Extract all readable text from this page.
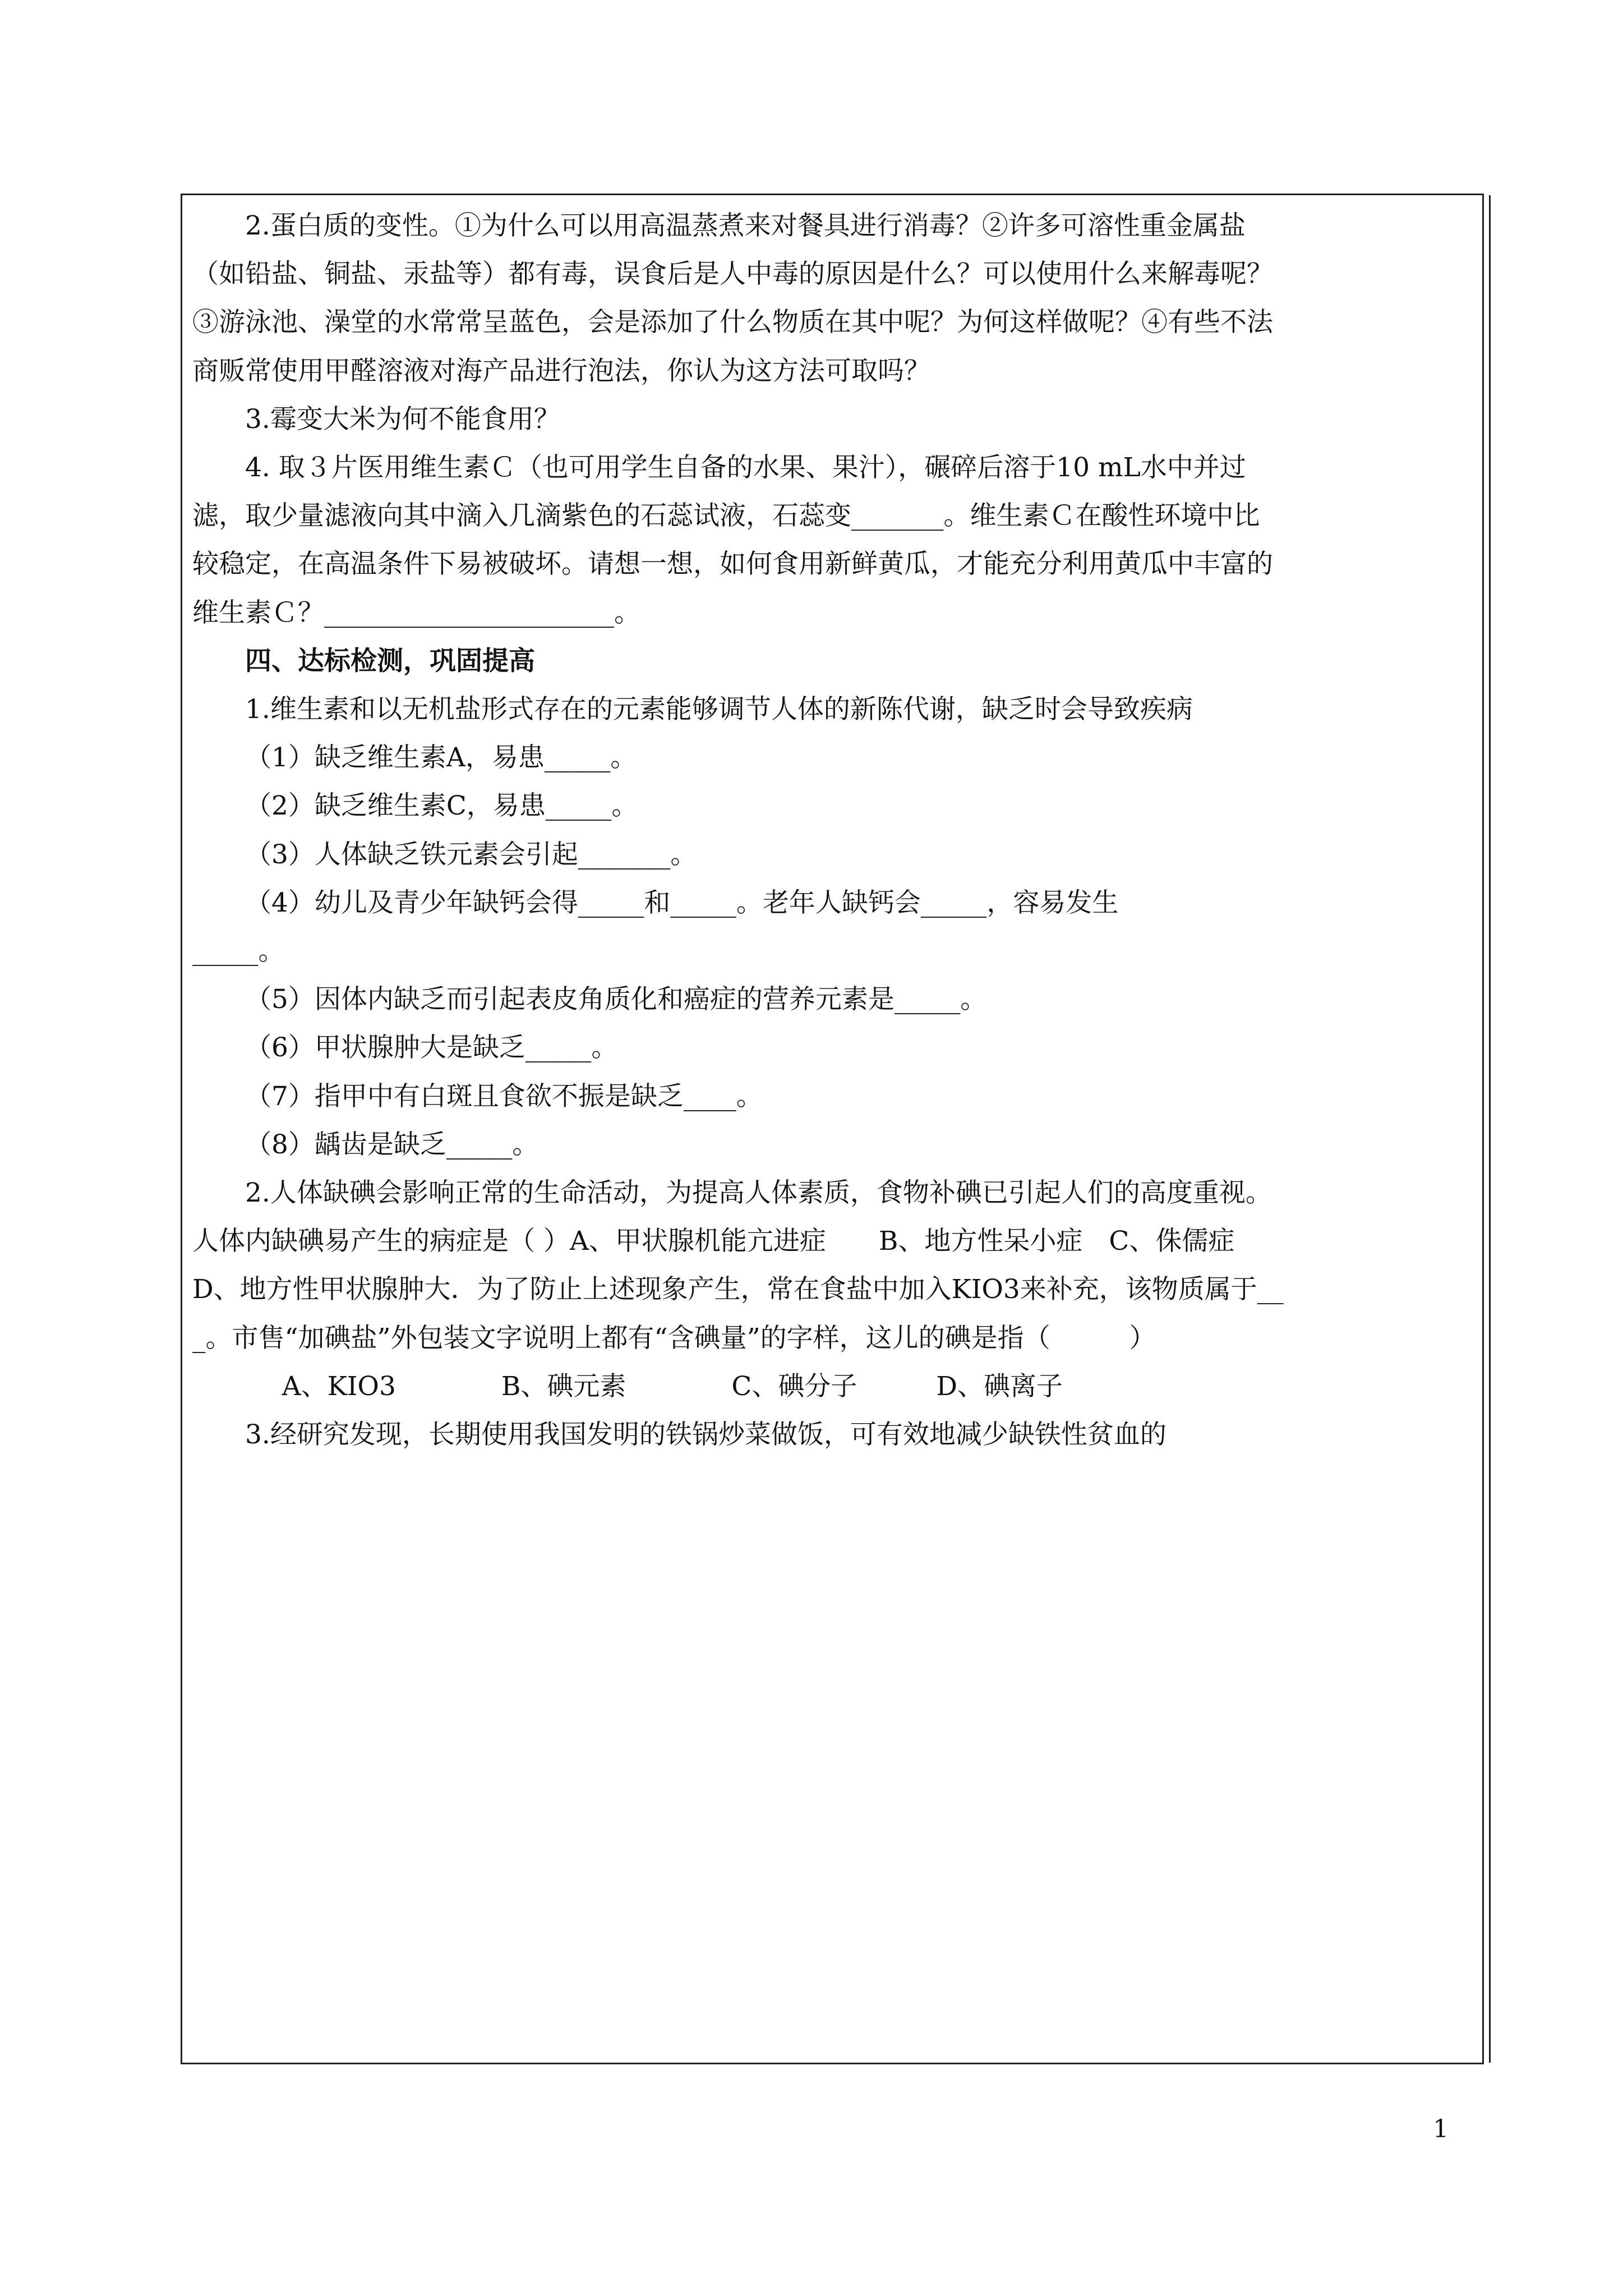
2.蛋白质的变性。①为什么可以用高温蒸煮来对餐具进行消毒？②许多可溶性重金属盐（如铅盐、铜盐、汞盐等）都有毒，误食后是人中毒的原因是什么？可以使用什么来解毒呢？③游泳池、澡堂的水常常呈蓝色，会是添加了什么物质在其中呢？为何这样做呢？④有些不法商贩常使用甲醛溶液对海产品进行泡法，你认为这方法可取吗？

3.霉变大米为何不能食用？

4. 取３片医用维生素Ｃ（也可用学生自备的水果、果汁），碾碎后溶于10 mL水中并过滤，取少量滤液向其中滴入几滴紫色的石蕊试液，石蕊变_______。维生素Ｃ在酸性环境中比较稳定，在高温条件下易被破坏。请想一想，如何食用新鲜黄瓜，才能充分利用黄瓜中丰富的维生素Ｃ？______________________。

四、达标检测，巩固提高

1.维生素和以无机盐形式存在的元素能够调节人体的新陈代谢，缺乏时会导致疾病

（1）缺乏维生素A，易患_____。

（2）缺乏维生素C，易患_____。

（3）人体缺乏铁元素会引起_______。

（4）幼儿及青少年缺钙会得_____和_____。老年人缺钙会_____，容易发生

_____。

（5）因体内缺乏而引起表皮角质化和癌症的营养元素是_____。

（6）甲状腺肿大是缺乏_____。

（7）指甲中有白斑且食欲不振是缺乏____。

（8）龋齿是缺乏_____。

2.人体缺碘会影响正常的生命活动，为提高人体素质，食物补碘已引起人们的高度重视。人体内缺碘易产生的病症是（ ）A、甲状腺机能亢进症　　B、地方性呆小症　C、侏儒症　D、地方性甲状腺肿大．为了防止上述现象产生，常在食盐中加入KIO3来补充，该物质属于___。市售“加碘盐”外包装文字说明上都有“含碘量”的字样，这儿的碘是指（　　　）

A、KIO3　　　　B、碘元素　　　　C、碘分子　　　D、碘离子

3.经研究发现，长期使用我国发明的铁锅炒菜做饭，可有效地减少缺铁性贫血的

1
